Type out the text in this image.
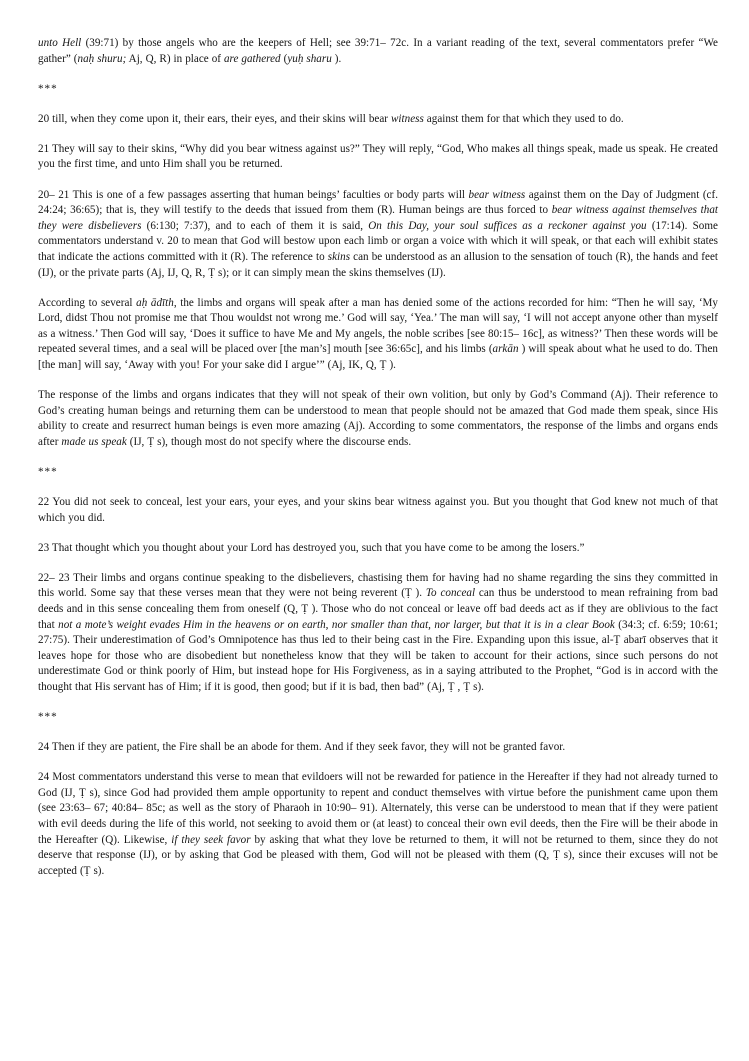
unto Hell (39:71) by those angels who are the keepers of Hell; see 39:71– 72c. In a variant reading of the text, several commentators prefer “We gather” (naḥ shuru; Aj, Q, R) in place of are gathered (yuḥ sharu ).

***

20 till, when they come upon it, their ears, their eyes, and their skins will bear witness against them for that which they used to do.

21 They will say to their skins, “Why did you bear witness against us?” They will reply, “God, Who makes all things speak, made us speak. He created you the first time, and unto Him shall you be returned.

20– 21 This is one of a few passages asserting that human beings’ faculties or body parts will bear witness against them on the Day of Judgment (cf. 24:24; 36:65); that is, they will testify to the deeds that issued from them (R). Human beings are thus forced to bear witness against themselves that they were disbelievers (6:130; 7:37), and to each of them it is said, On this Day, your soul suffices as a reckoner against you (17:14). Some commentators understand v. 20 to mean that God will bestow upon each limb or organ a voice with which it will speak, or that each will exhibit states that indicate the actions committed with it (R). The reference to skins can be understood as an allusion to the sensation of touch (R), the hands and feet (IJ), or the private parts (Aj, IJ, Q, R, Ṭ s); or it can simply mean the skins themselves (IJ).

According to several aḥ ādīth, the limbs and organs will speak after a man has denied some of the actions recorded for him: “Then he will say, ‘My Lord, didst Thou not promise me that Thou wouldst not wrong me.’ God will say, ‘Yea.’ The man will say, ‘I will not accept anyone other than myself as a witness.’ Then God will say, ‘Does it suffice to have Me and My angels, the noble scribes [see 80:15– 16c], as witness?’ Then these words will be repeated several times, and a seal will be placed over [the man’s] mouth [see 36:65c], and his limbs (arkān ) will speak about what he used to do. Then [the man] will say, ‘Away with you! For your sake did I argue’” (Aj, IK, Q, Ṭ ).

The response of the limbs and organs indicates that they will not speak of their own volition, but only by God’s Command (Aj). Their reference to God’s creating human beings and returning them can be understood to mean that people should not be amazed that God made them speak, since His ability to create and resurrect human beings is even more amazing (Aj). According to some commentators, the response of the limbs and organs ends after made us speak (IJ, Ṭ s), though most do not specify where the discourse ends.

***

22 You did not seek to conceal, lest your ears, your eyes, and your skins bear witness against you. But you thought that God knew not much of that which you did.

23 That thought which you thought about your Lord has destroyed you, such that you have come to be among the losers.”

22– 23 Their limbs and organs continue speaking to the disbelievers, chastising them for having had no shame regarding the sins they committed in this world. Some say that these verses mean that they were not being reverent (Ṭ ). To conceal can thus be understood to mean refraining from bad deeds and in this sense concealing them from oneself (Q, Ṭ ). Those who do not conceal or leave off bad deeds act as if they are oblivious to the fact that not a mote’s weight evades Him in the heavens or on earth, nor smaller than that, nor larger, but that it is in a clear Book (34:3; cf. 6:59; 10:61; 27:75). Their underestimation of God’s Omnipotence has thus led to their being cast in the Fire. Expanding upon this issue, al-Ṭ abarī observes that it leaves hope for those who are disobedient but nonetheless know that they will be taken to account for their actions, since such persons do not underestimate God or think poorly of Him, but instead hope for His Forgiveness, as in a saying attributed to the Prophet, “God is in accord with the thought that His servant has of Him; if it is good, then good; but if it is bad, then bad” (Aj, Ṭ , Ṭ s).

***

24 Then if they are patient, the Fire shall be an abode for them. And if they seek favor, they will not be granted favor.

24 Most commentators understand this verse to mean that evildoers will not be rewarded for patience in the Hereafter if they had not already turned to God (IJ, Ṭ s), since God had provided them ample opportunity to repent and conduct themselves with virtue before the punishment came upon them (see 23:63– 67; 40:84– 85c; as well as the story of Pharaoh in 10:90– 91). Alternately, this verse can be understood to mean that if they were patient with evil deeds during the life of this world, not seeking to avoid them or (at least) to conceal their own evil deeds, then the Fire will be their abode in the Hereafter (Q). Likewise, if they seek favor by asking that what they love be returned to them, it will not be returned to them, since they do not deserve that response (IJ), or by asking that God be pleased with them, God will not be pleased with them (Q, Ṭ s), since their excuses will not be accepted (Ṭ s).
